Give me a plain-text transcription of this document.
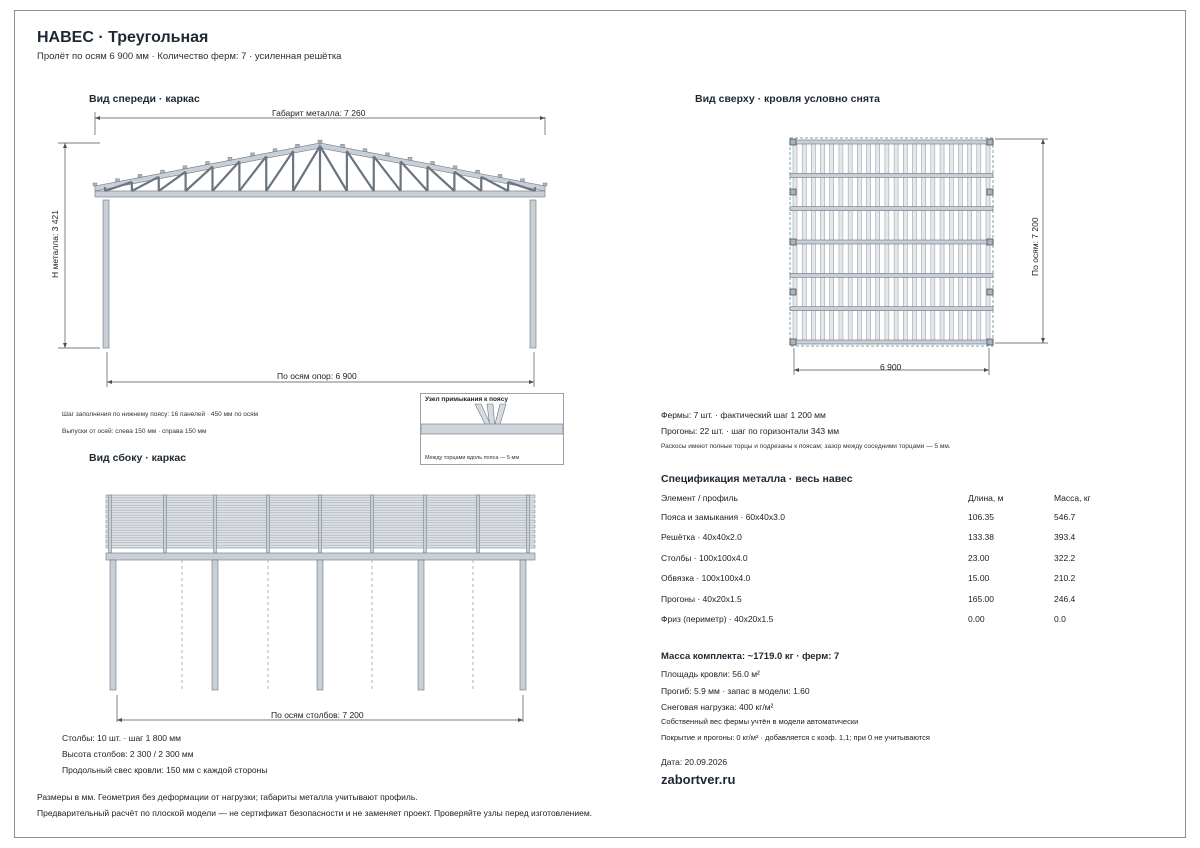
НАВЕС · Треугольная
Пролёт по осям 6 900 мм · Количество ферм: 7 · усиленная решётка
Вид спереди · каркас
Габарит металла: 7 260
Н металла: 3 421
По осям опор: 6 900
Шаг заполнения по нижнему поясу: 16 панелей · 450 мм по осям
Выпуски от осей: слева 150 мм · справа 150 мм
Узел примыкания к поясу
Между торцами вдоль пояса — 5 мм
Вид сбоку · каркас
По осям столбов: 7 200
Столбы: 10 шт. · шаг 1 800 мм
Высота столбов: 2 300 / 2 300 мм
Продольный свес кровли: 150 мм с каждой стороны
Вид сверху · кровля условно снята
По осям: 7 200
6 900
Фермы: 7 шт. · фактический шаг 1 200 мм
Прогоны: 22 шт. · шаг по горизонтали 343 мм
Раскосы имеют полные торцы и подрезаны к поясам; зазор между соседними торцами — 5 мм.
Спецификация металла · весь навес
Элемент / профиль	Длина, м	Масса, кг
Пояса и замыкания · 60х40х3.0	106.35	546.7
Решётка · 40х40х2.0	133.38	393.4
Столбы · 100х100х4.0	23.00	322.2
Обвязка · 100х100х4.0	15.00	210.2
Прогоны · 40х20х1.5	165.00	246.4
Фриз (периметр) · 40х20х1.5	0.00	0.0
Масса комплекта: ~1719.0 кг · ферм: 7
Площадь кровли: 56.0 м²
Прогиб: 5.9 мм · запас в модели: 1.60
Снеговая нагрузка: 400 кг/м²
Собственный вес фермы учтён в модели автоматически
Покрытие и прогоны: 0 кг/м² · добавляется с коэф. 1,1; при 0 не учитываются
Дата: 20.09.2026
zabortver.ru
Размеры в мм. Геометрия без деформации от нагрузки; габариты металла учитывают профиль.
Предварительный расчёт по плоской модели — не сертификат безопасности и не заменяет проект. Проверяйте узлы перед изготовлением.
